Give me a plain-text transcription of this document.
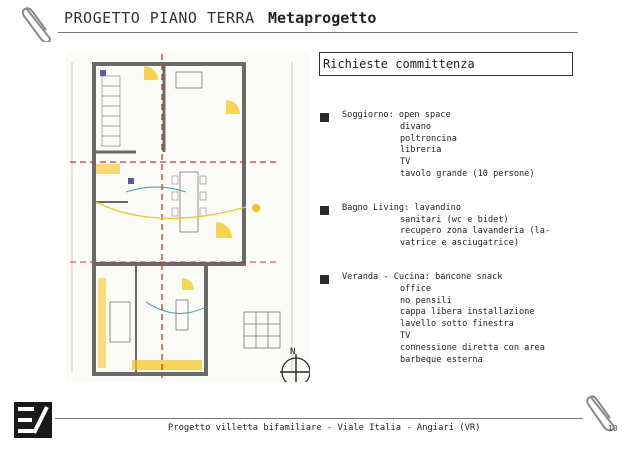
PROGETTO PIANO TERRA Metaprogetto
N
Richieste committenza
Soggiorno: open space
divano
poltroncina
libreria
TV
tavolo grande (10 persone)
Bagno Living: lavandino
sanitari (wc e bidet)
recupero zona lavanderia (la-
vatrice e asciugatrice)
Veranda - Cucina: bancone snack
office
no pensili
cappa libera installazione
lavello sotto finestra
TV
connessione diretta con area
barbeque esterna
Progetto villetta bifamiliare - Viale Italia - Angiari (VR)	10
